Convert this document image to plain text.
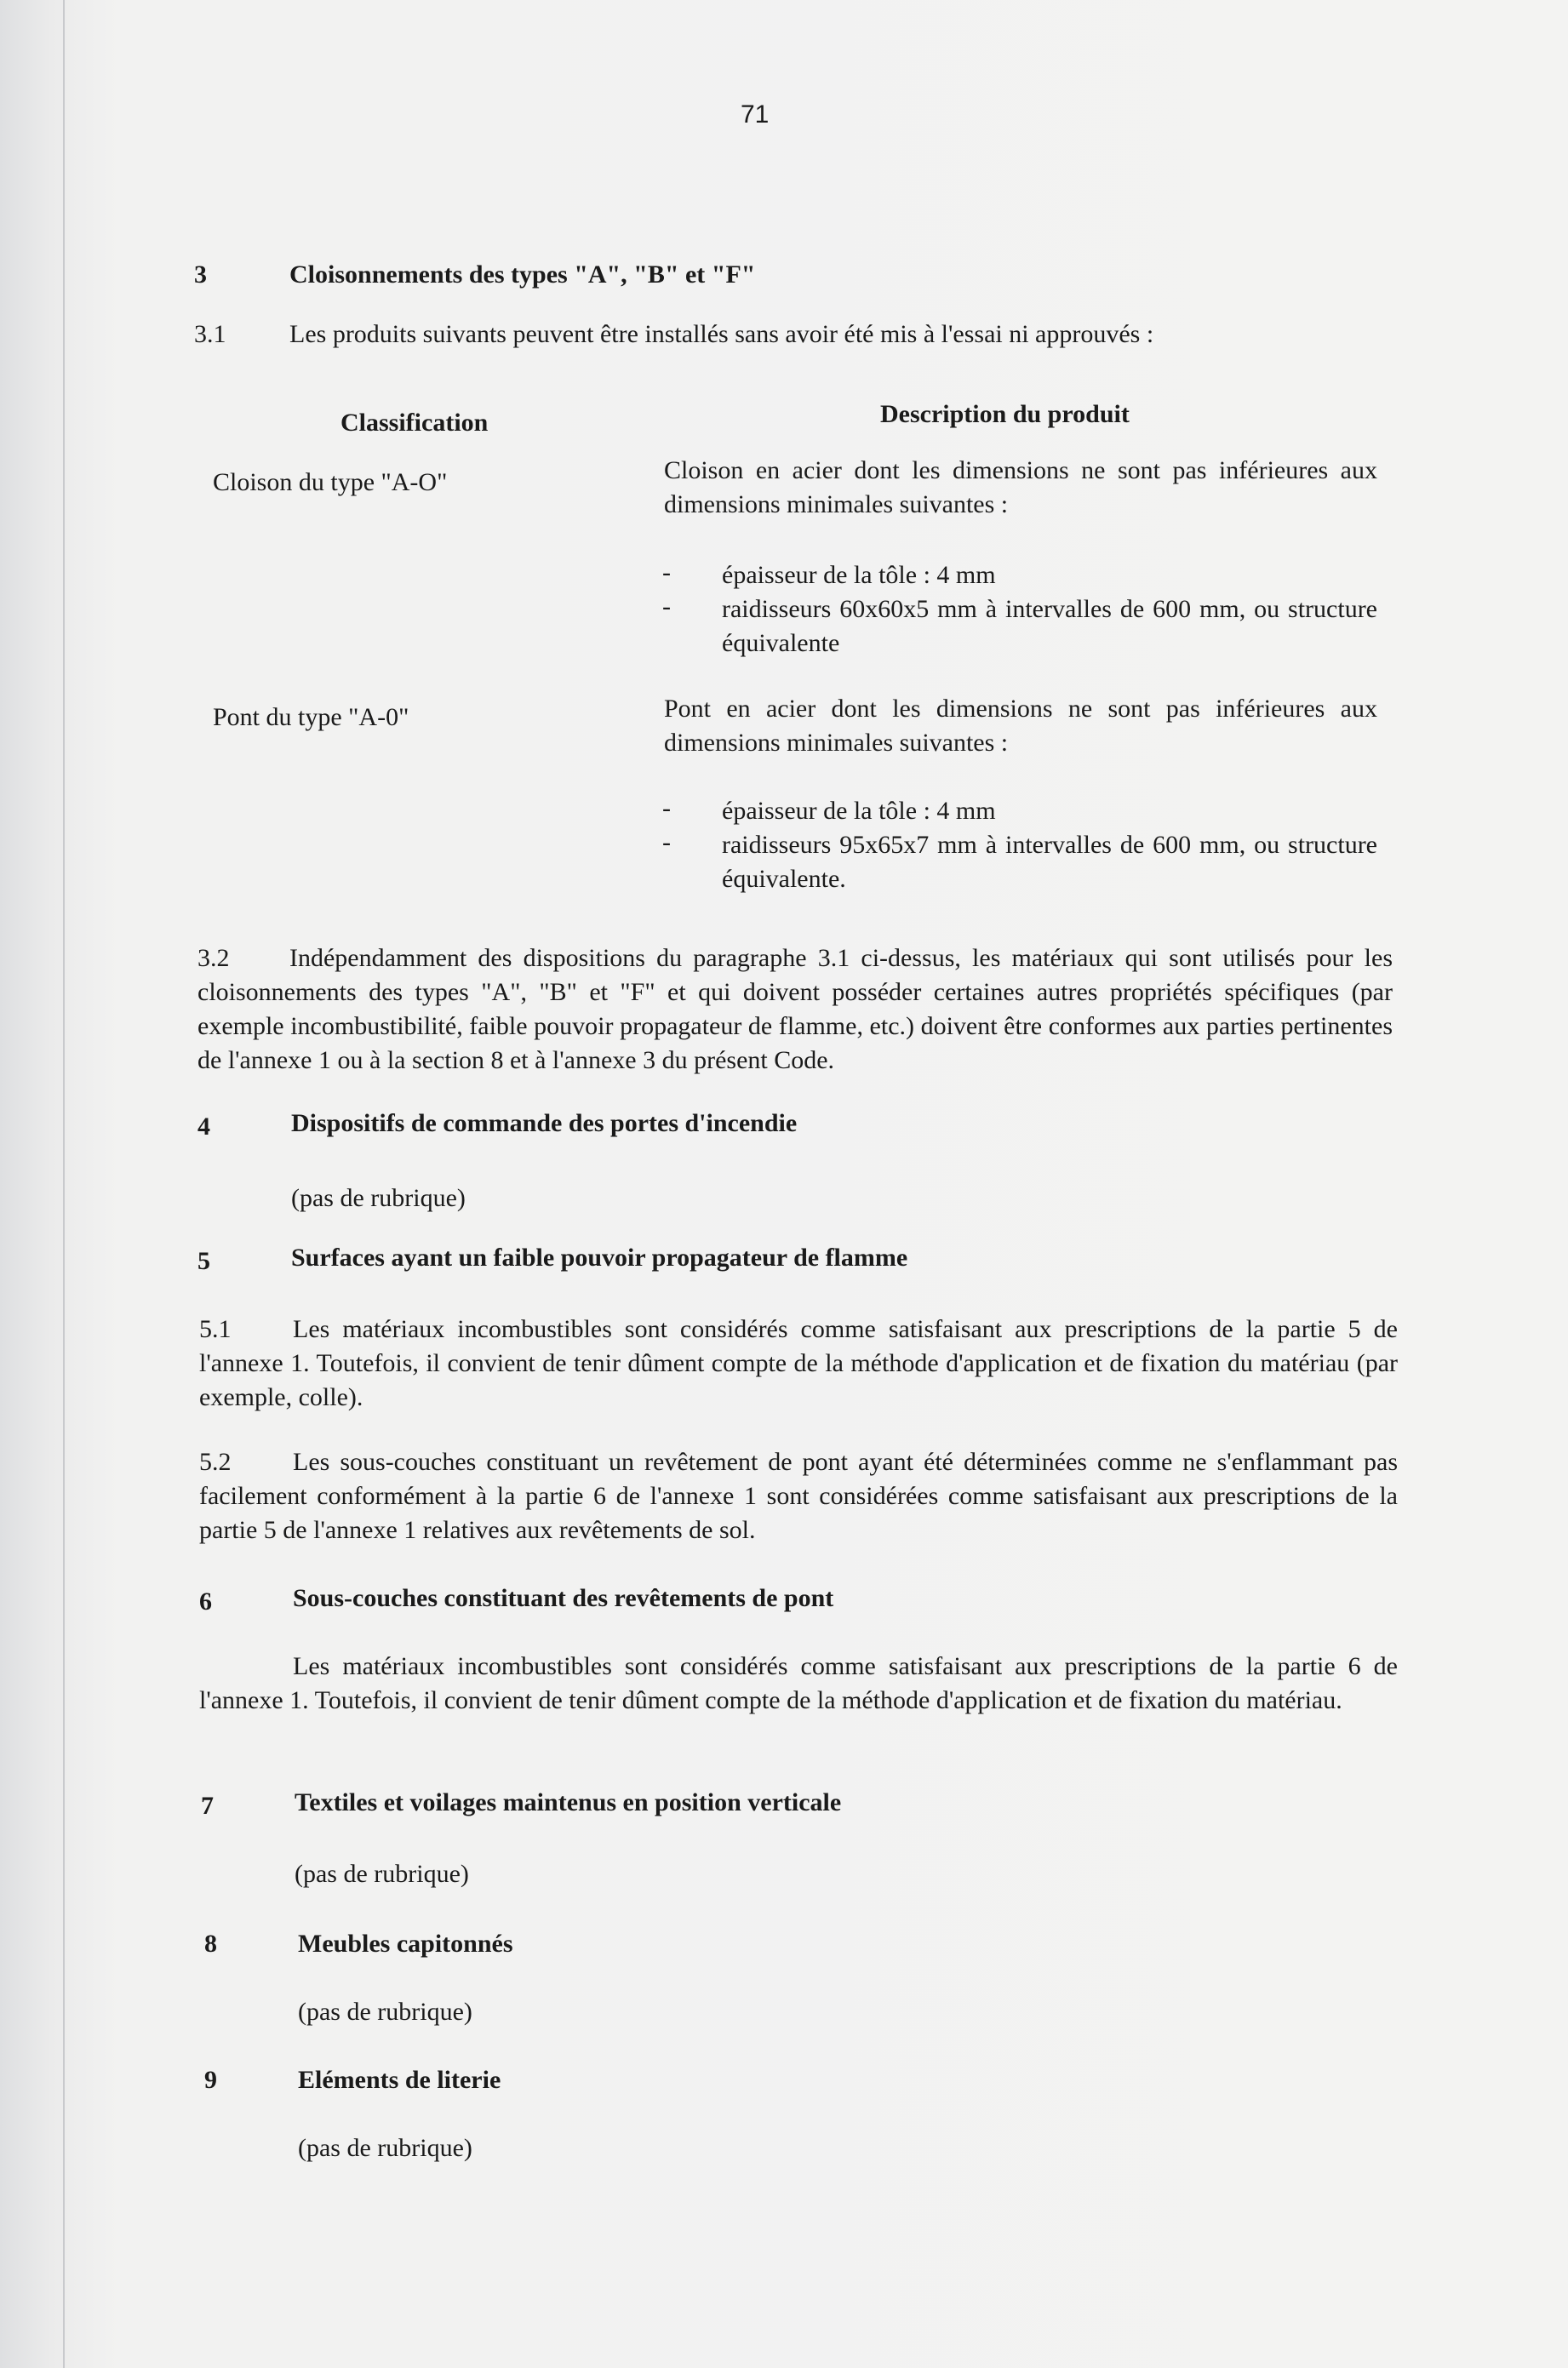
71
3	Cloisonnements des types "A", "B" et "F"
3.1 Les produits suivants peuvent être installés sans avoir été mis à l'essai ni approuvés :
Classification	Description du produit
Cloison du type "A-O"	Cloison en acier dont les dimensions ne sont pas inférieures aux dimensions minimales suivantes :
- épaisseur de la tôle : 4 mm
- raidisseurs 60x60x5 mm à intervalles de 600 mm, ou structure équivalente
Pont du type "A-0"	Pont en acier dont les dimensions ne sont pas inférieures aux dimensions minimales suivantes :
- épaisseur de la tôle : 4 mm
- raidisseurs 95x65x7 mm à intervalles de 600 mm, ou structure équivalente.
3.2	Indépendamment des dispositions du paragraphe 3.1 ci-dessus, les matériaux qui sont utilisés pour les cloisonnements des types "A", "B" et "F" et qui doivent posséder certaines autres propriétés spécifiques (par exemple incombustibilité, faible pouvoir propagateur de flamme, etc.) doivent être conformes aux parties pertinentes de l'annexe 1 ou à la section 8 et à l'annexe 3 du présent Code.
4	Dispositifs de commande des portes d'incendie
(pas de rubrique)
5	Surfaces ayant un faible pouvoir propagateur de flamme
5.1	Les matériaux incombustibles sont considérés comme satisfaisant aux prescriptions de la partie 5 de l'annexe 1. Toutefois, il convient de tenir dûment compte de la méthode d'application et de fixation du matériau (par exemple, colle).
5.2	Les sous-couches constituant un revêtement de pont ayant été déterminées comme ne s'enflammant pas facilement conformément à la partie 6 de l'annexe 1 sont considérées comme satisfaisant aux prescriptions de la partie 5 de l'annexe 1 relatives aux revêtements de sol.
6	Sous-couches constituant des revêtements de pont
Les matériaux incombustibles sont considérés comme satisfaisant aux prescriptions de la partie 6 de l'annexe 1. Toutefois, il convient de tenir dûment compte de la méthode d'application et de fixation du matériau.
7	Textiles et voilages maintenus en position verticale
(pas de rubrique)
8	Meubles capitonnés
(pas de rubrique)
9	Eléments de literie
(pas de rubrique)
